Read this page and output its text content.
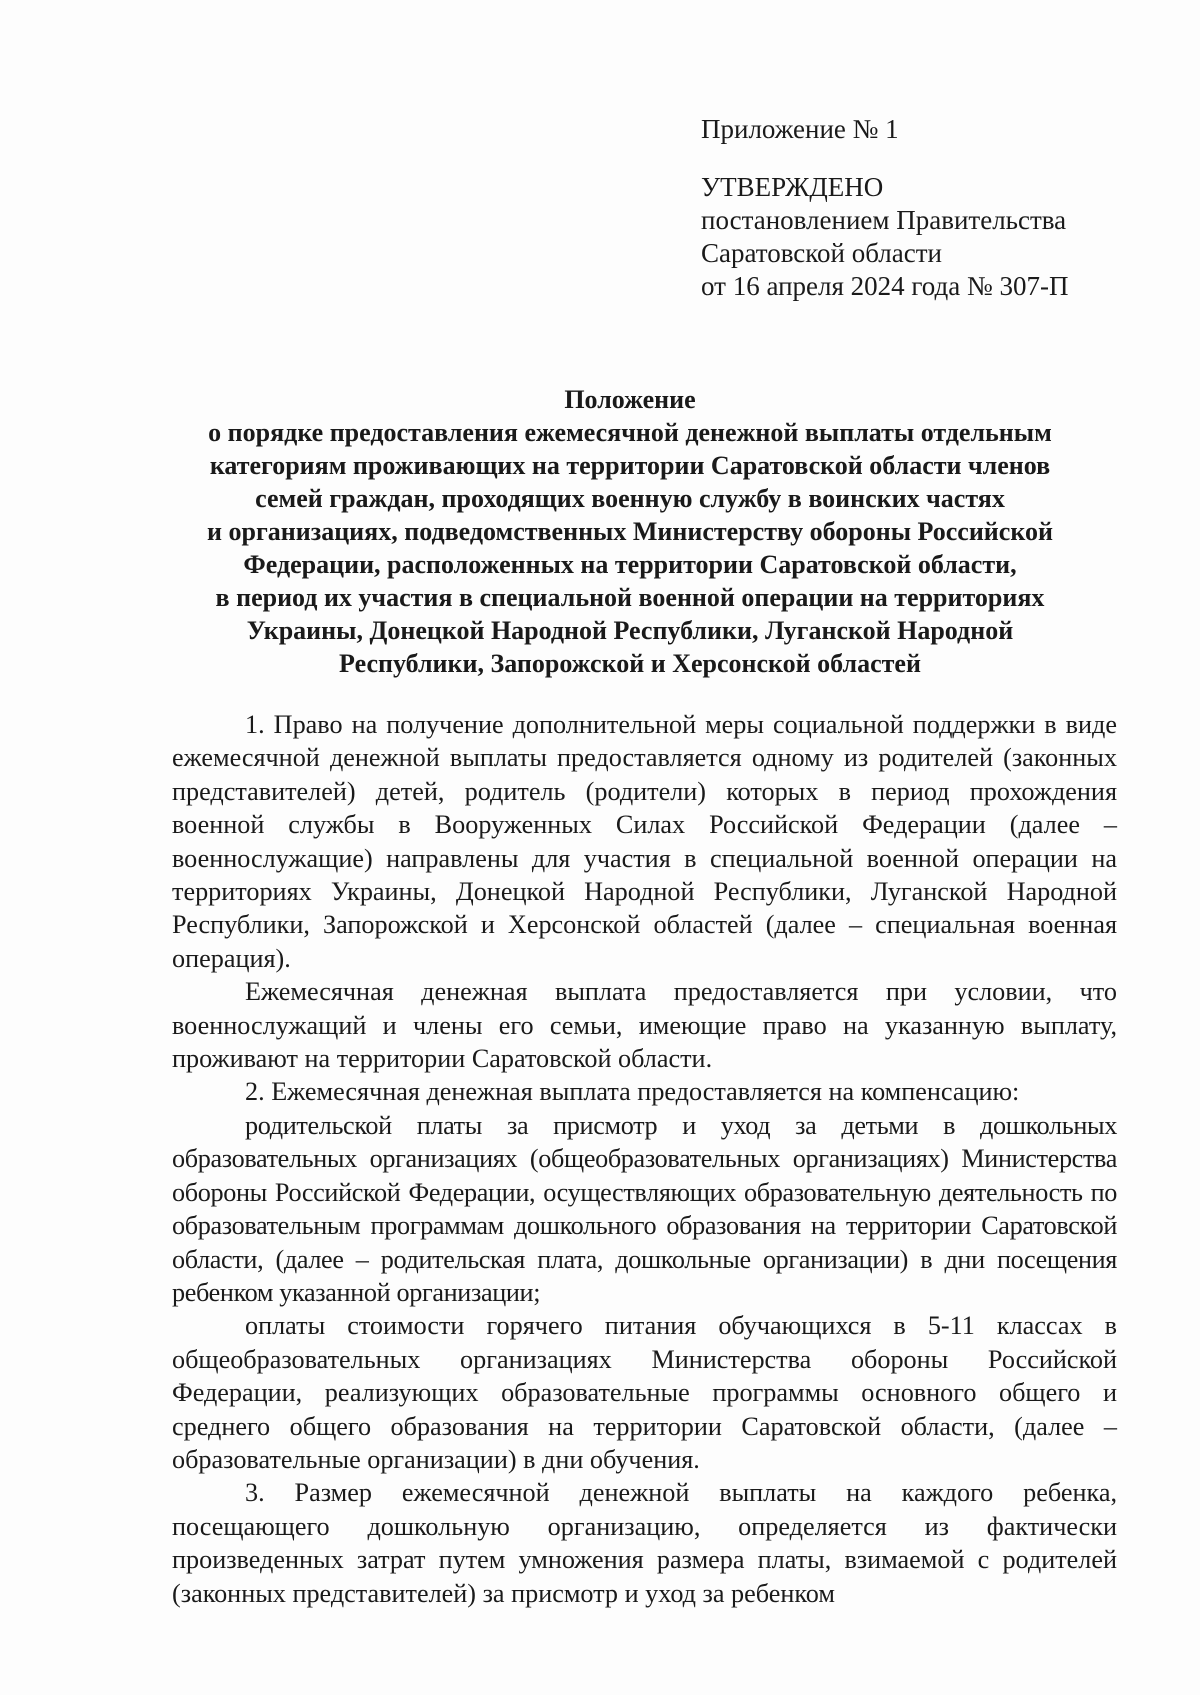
Приложение № 1
УТВЕРЖДЕНО
постановлением Правительства
Саратовской области
от 16 апреля 2024 года № 307-П
Положение
о порядке предоставления ежемесячной денежной выплаты отдельным
категориям проживающих на территории Саратовской области членов
семей граждан, проходящих военную службу в воинских частях
и организациях, подведомственных Министерству обороны Российской
Федерации, расположенных на территории Саратовской области,
в период их участия в специальной военной операции на территориях
Украины, Донецкой Народной Республики, Луганской Народной
Республики, Запорожской и Херсонской областей

1. Право на получение дополнительной меры социальной поддержки в виде ежемесячной денежной выплаты предоставляется одному из родителей (законных представителей) детей, родитель (родители) которых в период прохождения военной службы в Вооруженных Силах Российской Федерации (далее – военнослужащие) направлены для участия в специальной военной операции на территориях Украины, Донецкой Народной Республики, Луганской Народной Республики, Запорожской и Херсонской областей (далее – специальная военная операция).

Ежемесячная денежная выплата предоставляется при условии, что военнослужащий и члены его семьи, имеющие право на указанную выплату, проживают на территории Саратовской области.

2. Ежемесячная денежная выплата предоставляется на компенсацию:

родительской платы за присмотр и уход за детьми в дошкольных образовательных организациях (общеобразовательных организациях) Министерства обороны Российской Федерации, осуществляющих образовательную деятельность по образовательным программам дошкольного образования на территории Саратовской области, (далее – родительская плата, дошкольные организации) в дни посещения ребенком указанной организации;

оплаты стоимости горячего питания обучающихся в 5-11 классах в общеобразовательных организациях Министерства обороны Российской Федерации, реализующих образовательные программы основного общего и среднего общего образования на территории Саратовской области, (далее – образовательные организации) в дни обучения.

3. Размер ежемесячной денежной выплаты на каждого ребенка, посещающего дошкольную организацию, определяется из фактически произведенных затрат путем умножения размера платы, взимаемой с родителей (законных представителей) за присмотр и уход за ребенком
